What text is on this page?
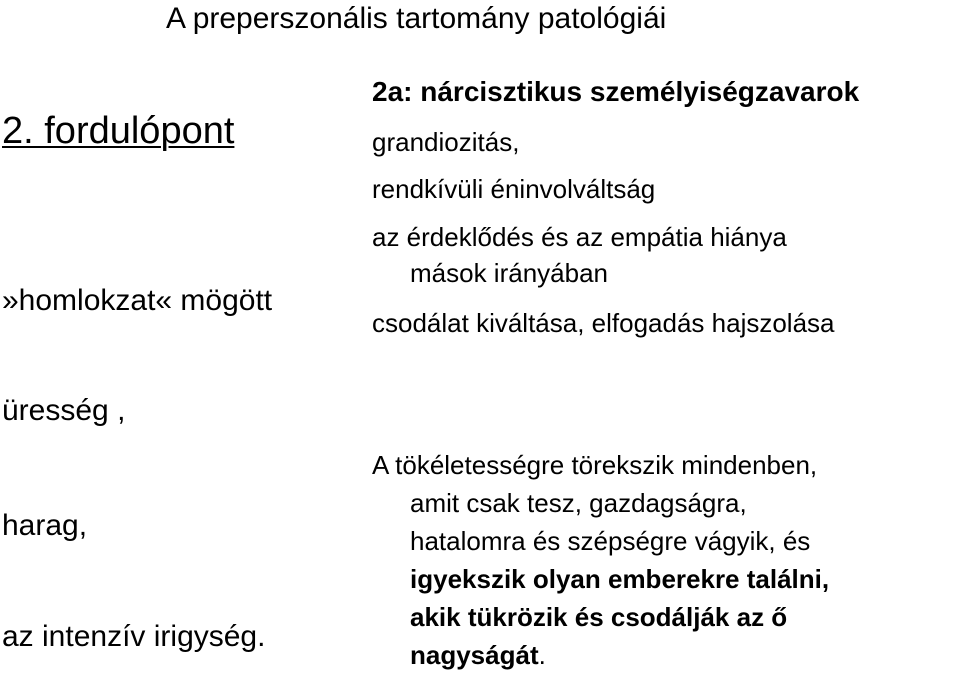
A preperszonális tartomány patológiái
2. fordulópont
»homlokzat« mögött
üresség ,
harag,
az intenzív irigység.
2a: nárcisztikus személyiségzavarok
grandiozitás,
rendkívüli éninvolváltság
az érdeklődés és az empátia hiánya
mások irányában
csodálat kiváltása, elfogadás hajszolása
A tökéletességre törekszik mindenben,
amit csak tesz, gazdagságra,
hatalomra és szépségre vágyik, és
igyekszik olyan emberekre találni,
akik tükrözik és csodálják az ő
nagyságát.
